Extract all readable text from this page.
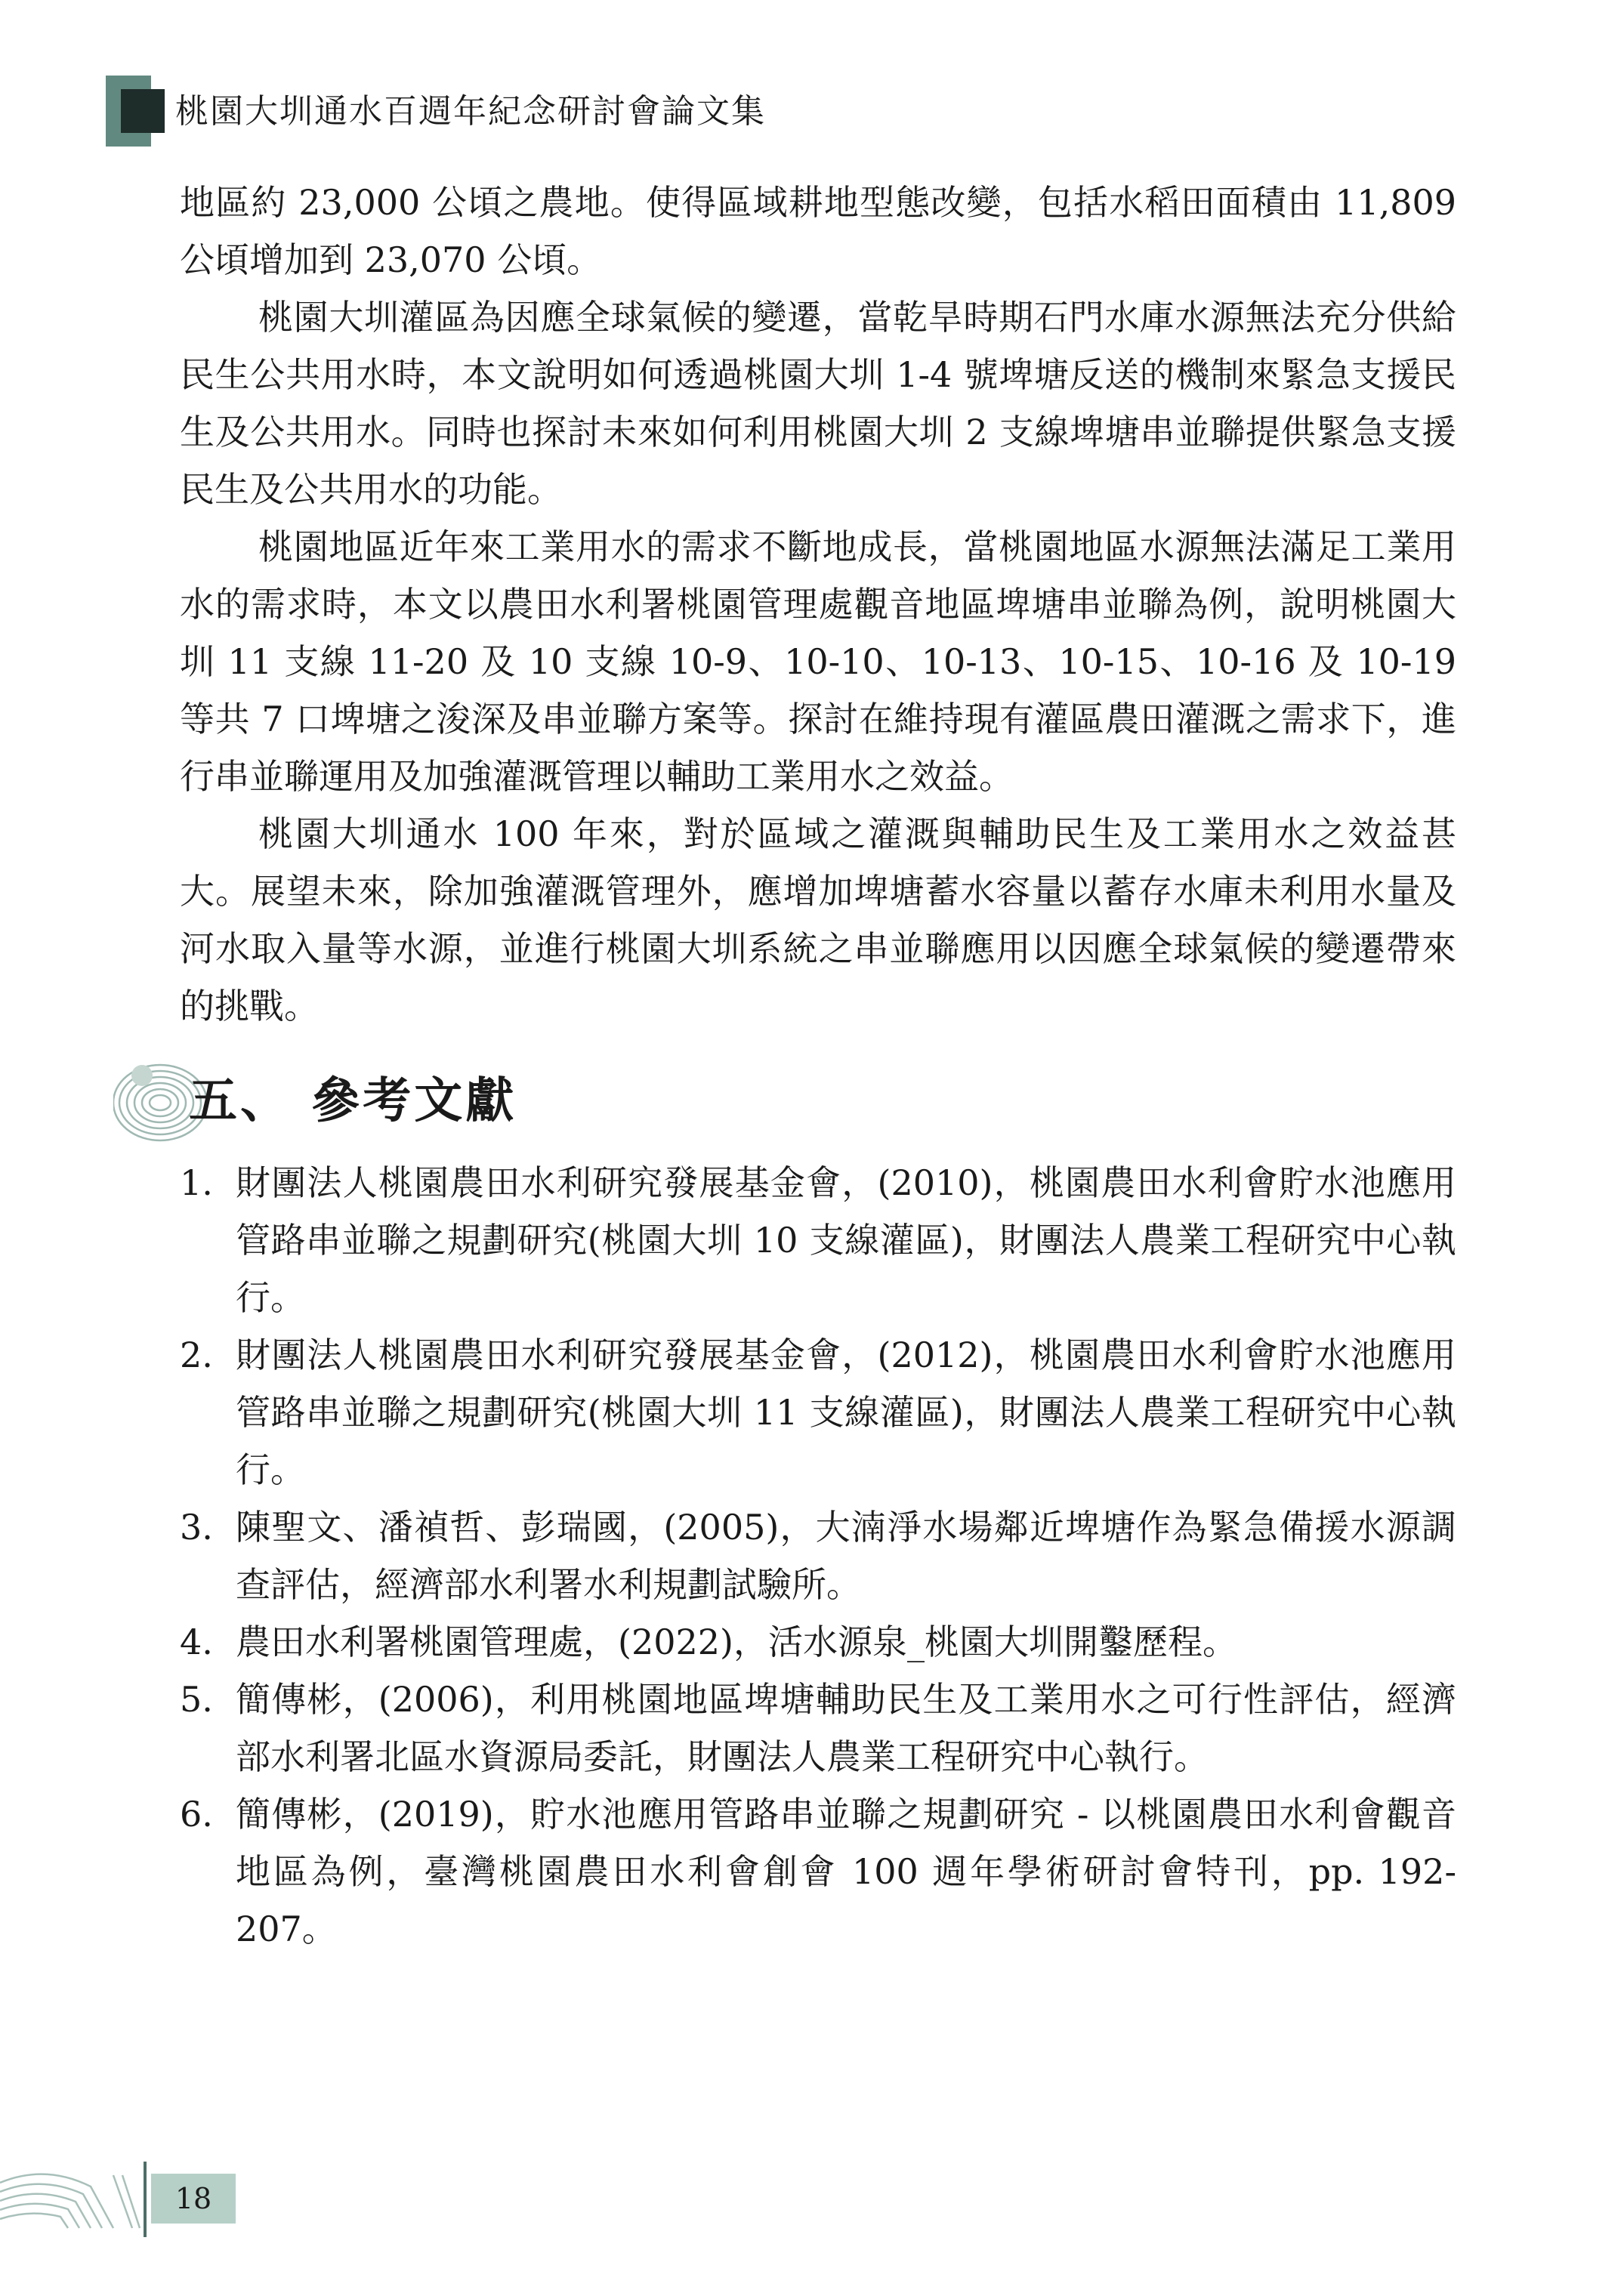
桃園大圳通水百週年紀念研討會論文集

地區約 23,000 公頃之農地。使得區域耕地型態改變，包括水稻田面積由 11,809 公頃增加到 23,070 公頃。

桃園大圳灌區為因應全球氣候的變遷，當乾旱時期石門水庫水源無法充分供給民生公共用水時，本文說明如何透過桃園大圳 1-4 號埤塘反送的機制來緊急支援民生及公共用水。同時也探討未來如何利用桃園大圳 2 支線埤塘串並聯提供緊急支援民生及公共用水的功能。

桃園地區近年來工業用水的需求不斷地成長，當桃園地區水源無法滿足工業用水的需求時，本文以農田水利署桃園管理處觀音地區埤塘串並聯為例，說明桃園大圳 11 支線 11-20 及 10 支線 10-9、10-10、10-13、10-15、10-16 及 10-19 等共 7 口埤塘之浚深及串並聯方案等。探討在維持現有灌區農田灌溉之需求下，進行串並聯運用及加強灌溉管理以輔助工業用水之效益。

桃園大圳通水 100 年來，對於區域之灌溉與輔助民生及工業用水之效益甚大。展望未來，除加強灌溉管理外，應增加埤塘蓄水容量以蓄存水庫未利用水量及河水取入量等水源，並進行桃園大圳系統之串並聯應用以因應全球氣候的變遷帶來的挑戰。

五、 參考文獻
1. 財團法人桃園農田水利研究發展基金會，(2010)，桃園農田水利會貯水池應用管路串並聯之規劃研究(桃園大圳 10 支線灌區)，財團法人農業工程研究中心執行。
2. 財團法人桃園農田水利研究發展基金會，(2012)，桃園農田水利會貯水池應用管路串並聯之規劃研究(桃園大圳 11 支線灌區)，財團法人農業工程研究中心執行。
3. 陳聖文、潘禎哲、彭瑞國，(2005)，大湳淨水場鄰近埤塘作為緊急備援水源調查評估，經濟部水利署水利規劃試驗所。
4. 農田水利署桃園管理處，(2022)，活水源泉_桃園大圳開鑿歷程。
5. 簡傳彬，(2006)，利用桃園地區埤塘輔助民生及工業用水之可行性評估，經濟部水利署北區水資源局委託，財團法人農業工程研究中心執行。
6. 簡傳彬，(2019)，貯水池應用管路串並聯之規劃研究 - 以桃園農田水利會觀音地區為例，臺灣桃園農田水利會創會 100 週年學術研討會特刊，pp. 192-207。
18
